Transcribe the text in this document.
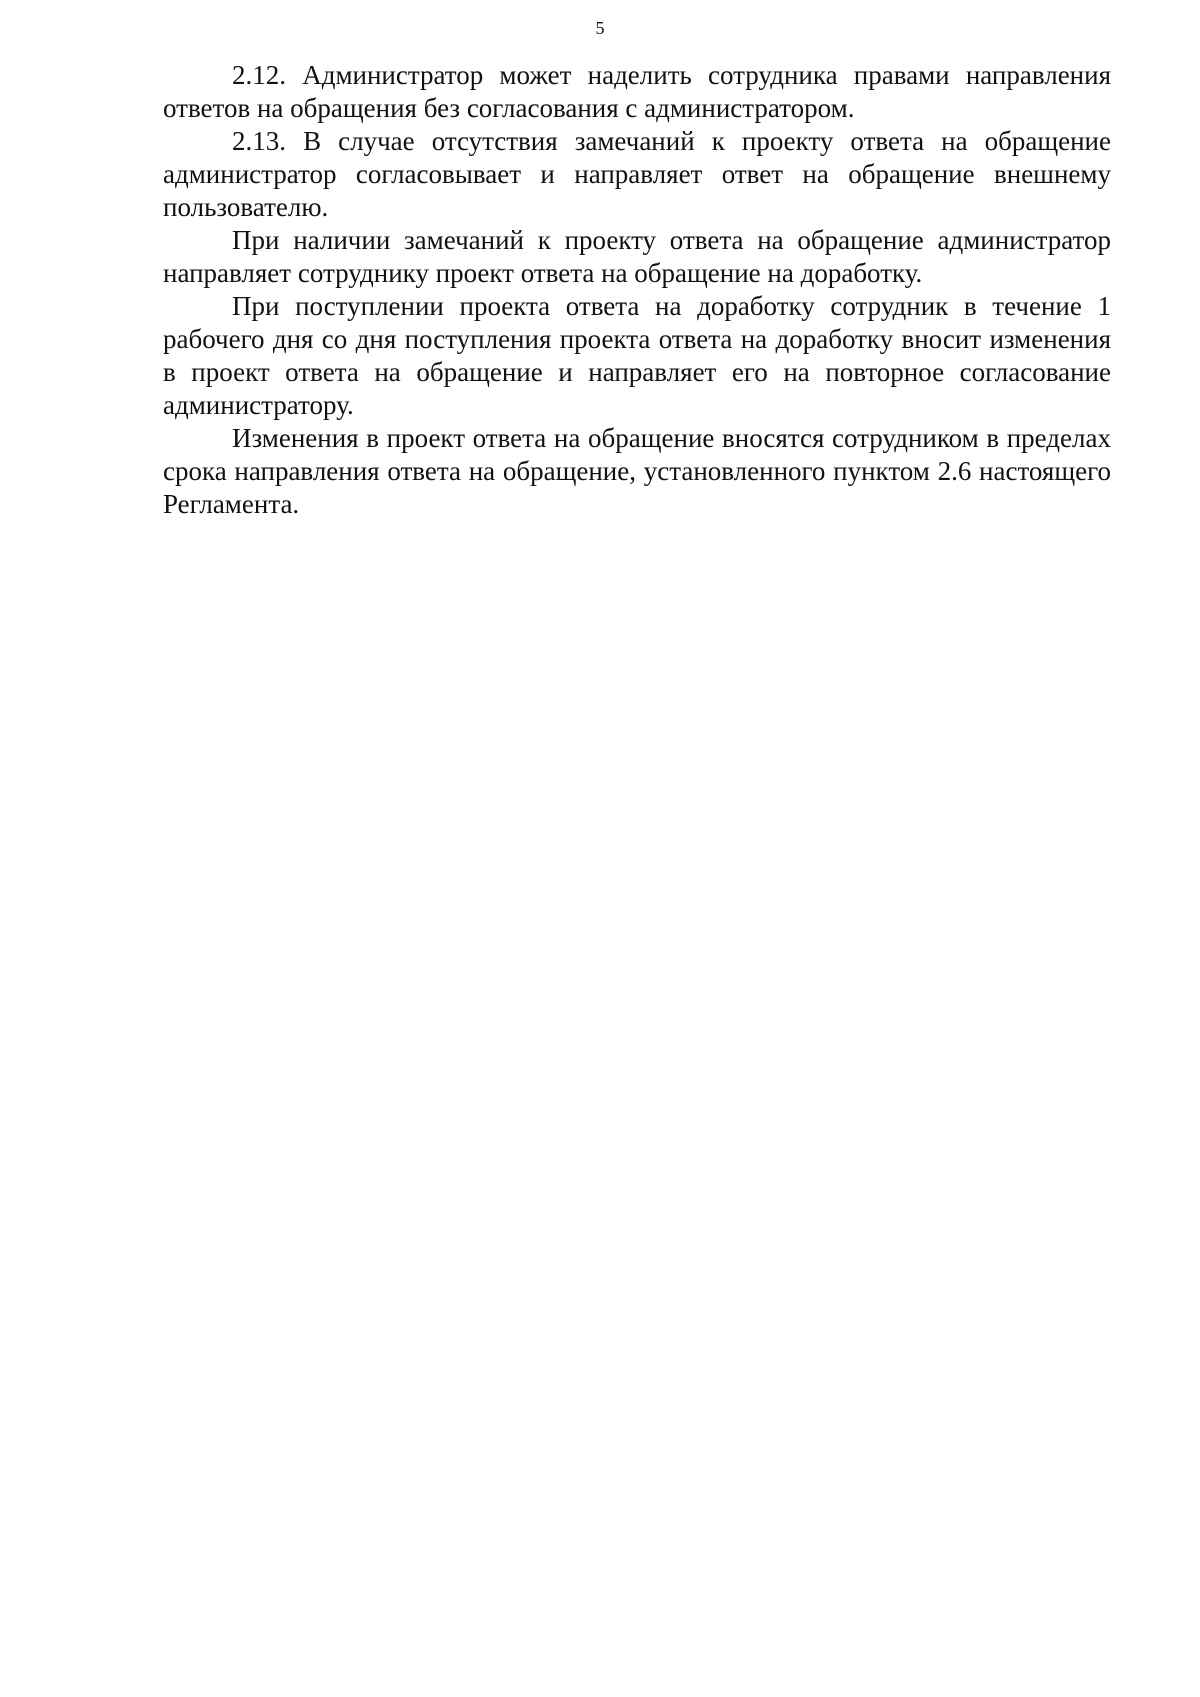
5

2.12. Администратор может наделить сотрудника правами направления ответов на обращения без согласования с администратором.

2.13. В случае отсутствия замечаний к проекту ответа на обращение администратор согласовывает и направляет ответ на обращение внешнему пользователю.

При наличии замечаний к проекту ответа на обращение администратор направляет сотруднику проект ответа на обращение на доработку.

При поступлении проекта ответа на доработку сотрудник в течение 1 рабочего дня со дня поступления проекта ответа на доработку вносит изменения в проект ответа на обращение и направляет его на повторное согласование администратору.

Изменения в проект ответа на обращение вносятся сотрудником в пределах срока направления ответа на обращение, установленного пунктом 2.6 настоящего Регламента.
